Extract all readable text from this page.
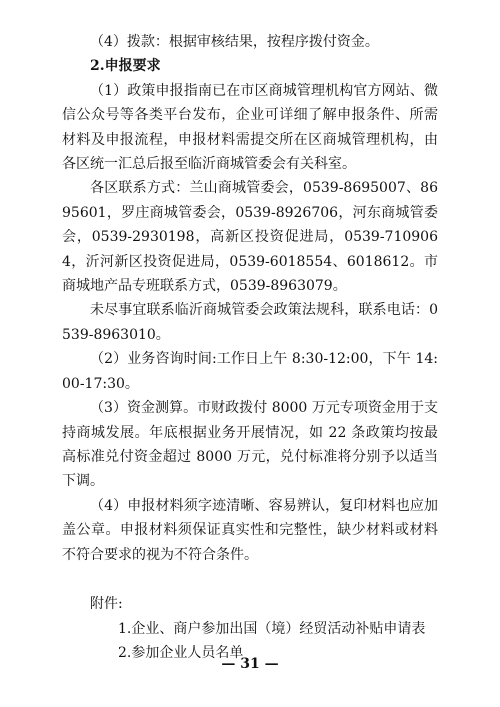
（4）拨款：根据审核结果，按程序拨付资金。

2.申报要求

（1）政策申报指南已在市区商城管理机构官方网站、微信公众号等各类平台发布，企业可详细了解申报条件、所需材料及申报流程，申报材料需提交所在区商城管理机构，由各区统一汇总后报至临沂商城管委会有关科室。

各区联系方式：兰山商城管委会，0539-8695007、8695601，罗庄商城管委会，0539-8926706，河东商城管委会，0539-2930198，高新区投资促进局，0539-7109064，沂河新区投资促进局，0539-6018554、6018612。市商城地产品专班联系方式，0539-8963079。

未尽事宜联系临沂商城管委会政策法规科，联系电话：0539-8963010。

（2）业务咨询时间:工作日上午 8:30-12:00，下午 14:00-17:30。

（3）资金测算。市财政拨付 8000 万元专项资金用于支持商城发展。年底根据业务开展情况，如 22 条政策均按最高标准兑付资金超过 8000 万元，兑付标准将分别予以适当下调。

（4）申报材料须字迹清晰、容易辨认，复印材料也应加盖公章。申报材料须保证真实性和完整性，缺少材料或材料不符合要求的视为不符合条件。

附件:

1.企业、商户参加出国（境）经贸活动补贴申请表

2.参加企业人员名单

— 31 —
